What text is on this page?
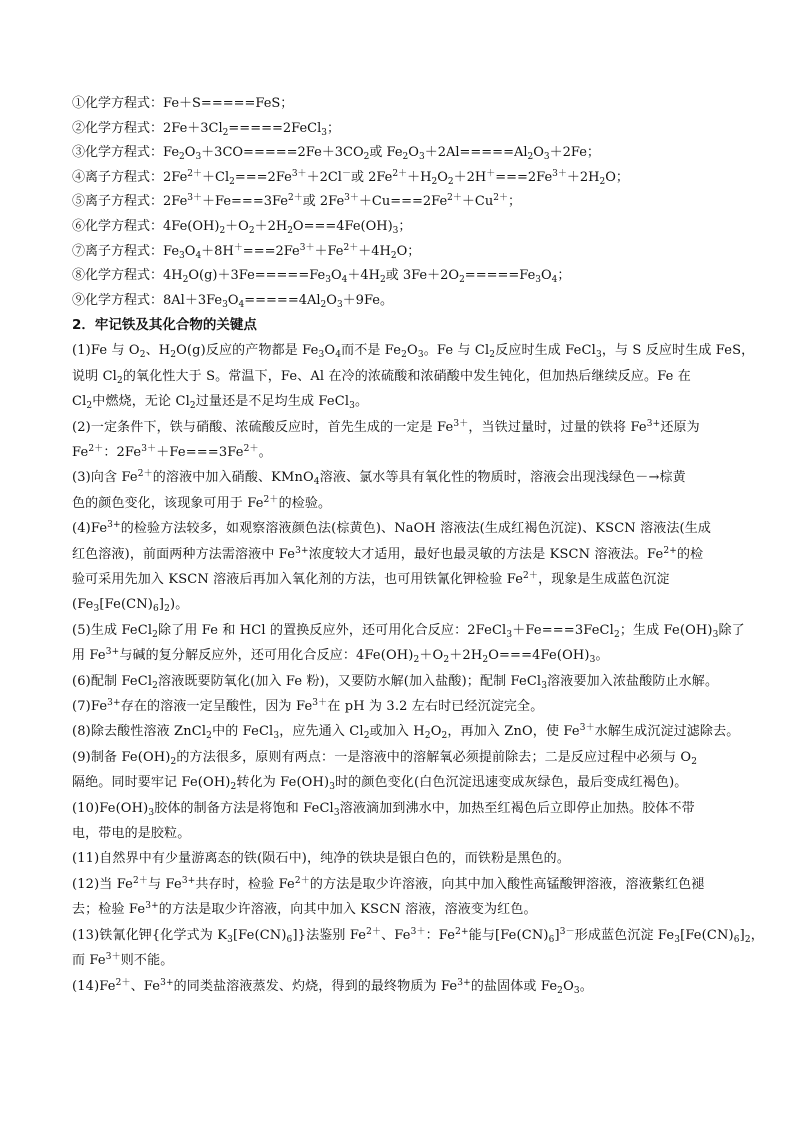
①化学方程式：Fe＋S=====FeS；
②化学方程式：$2Fe+3Cl_2=====2FeCl_3$；
③化学方程式：$Fe_2O_3+3CO=====2Fe+3CO_2$或 $Fe_2O_3+2Al=====Al_2O_3+2Fe$；
④离子方程式：$2Fe^{2+}+Cl_2===2Fe^{3+}+2Cl^-$或 $2Fe^{2+}+H_2O_2+2H^+===2Fe^{3+}+2H_2O$；
⑤离子方程式：$2Fe^{3+}+Fe===3Fe^{2+}$或 $2Fe^{3+}+Cu===2Fe^{2+}+Cu^{2+}$；
⑥化学方程式：$4Fe(OH)_2+O_2+2H_2O===4Fe(OH)_3$；
⑦离子方程式：$Fe_3O_4+8H^+===2Fe^{3+}+Fe^{2+}+4H_2O$；
⑧化学方程式：$4H_2O(g)+3Fe=====Fe_3O_4+4H_2$或 $3Fe+2O_2=====Fe_3O_4$；
⑨化学方程式：$8Al+3Fe_3O_4=====4Al_2O_3+9Fe$。
2．牢记铁及其化合物的关键点
(1)Fe 与 $O_2$、$H_2O(g)$反应的产物都是 $Fe_3O_4$而不是 $Fe_2O_3$。Fe 与 $Cl_2$反应时生成 FeCl$_3$，与 S 反应时生成 FeS，
说明 $Cl_2$的氧化性大于 S。常温下，Fe、Al 在冷的浓硫酸和浓硝酸中发生钝化，但加热后继续反应。Fe 在
$Cl_2$中燃烧，无论 $Cl_2$过量还是不足均生成 FeCl$_3$。
(2)一定条件下，铁与硝酸、浓硫酸反应时，首先生成的一定是 $Fe^{3+}$，当铁过量时，过量的铁将 $Fe^{3+}$还原为
$Fe^{2+}$：$2Fe^{3+}+Fe===3Fe^{2+}$。
(3)向含 $Fe^{2+}$的溶液中加入硝酸、KMnO$_4$溶液、氯水等具有氧化性的物质时，溶液会出现浅绿色－→棕黄
色的颜色变化，该现象可用于 $Fe^{2+}$的检验。
$(4)Fe^{3+}$的检验方法较多，如观察溶液颜色法(棕黄色)、NaOH 溶液法(生成红褐色沉淀)、KSCN 溶液法(生成
红色溶液)，前面两种方法需溶液中 $Fe^{3+}$浓度较大才适用，最好也最灵敏的方法是 KSCN 溶液法。$Fe^{2+}$的检
验可采用先加入 KSCN 溶液后再加入氧化剂的方法，也可用铁氰化钾检验 $Fe^{2+}$，现象是生成蓝色沉淀
$(Fe_3[Fe(CN)_6]_2)$。
(5)生成 FeCl$_2$除了用 Fe 和 HCl 的置换反应外，还可用化合反应：2FeCl$_3$＋Fe===3FeCl$_2$；生成 $Fe(OH)_3$除了
用 $Fe^{3+}$与碱的复分解反应外，还可用化合反应：$4Fe(OH)_2+O_2+2H_2O===4Fe(OH)_3$。
(6)配制 FeCl$_2$溶液既要防氧化(加入 Fe 粉)，又要防水解(加入盐酸)；配制 FeCl$_3$溶液要加入浓盐酸防止水解。
$(7)Fe^{3+}$存在的溶液一定呈酸性，因为 $Fe^{3+}$在 pH 为 3.2 左右时已经沉淀完全。
(8)除去酸性溶液 ZnCl$_2$中的 FeCl$_3$，应先通入 $Cl_2$或加入 $H_2O_2$，再加入 ZnO，使 $Fe^{3+}$水解生成沉淀过滤除去。
(9)制备 $Fe(OH)_2$的方法很多，原则有两点：一是溶液中的溶解氧必须提前除去；二是反应过程中必须与 $O_2$
隔绝。同时要牢记 $Fe(OH)_2$转化为 $Fe(OH)_3$时的颜色变化(白色沉淀迅速变成灰绿色，最后变成红褐色)。
$(10)Fe(OH)_3$胶体的制备方法是将饱和 FeCl$_3$溶液滴加到沸水中，加热至红褐色后立即停止加热。胶体不带
电，带电的是胶粒。
(11)自然界中有少量游离态的铁(陨石中)，纯净的铁块是银白色的，而铁粉是黑色的。
(12)当 $Fe^{2+}$与 $Fe^{3+}$共存时，检验 $Fe^{2+}$的方法是取少许溶液，向其中加入酸性高锰酸钾溶液，溶液紫红色褪
去；检验 $Fe^{3+}$的方法是取少许溶液，向其中加入 KSCN 溶液，溶液变为红色。
(13)铁氰化钾{化学式为 $K_3[Fe(CN)_6]$}法鉴别 $Fe^{2+}$、$Fe^{3+}$：$Fe^{2+}$能与$[Fe(CN)_6]^{3-}$形成蓝色沉淀 $Fe_3[Fe(CN)_6]_2$，
而 $Fe^{3+}$则不能。
$(14)Fe^{2+}$、$Fe^{3+}$的同类盐溶液蒸发、灼烧，得到的最终物质为 $Fe^{3+}$的盐固体或 $Fe_2O_3$。
